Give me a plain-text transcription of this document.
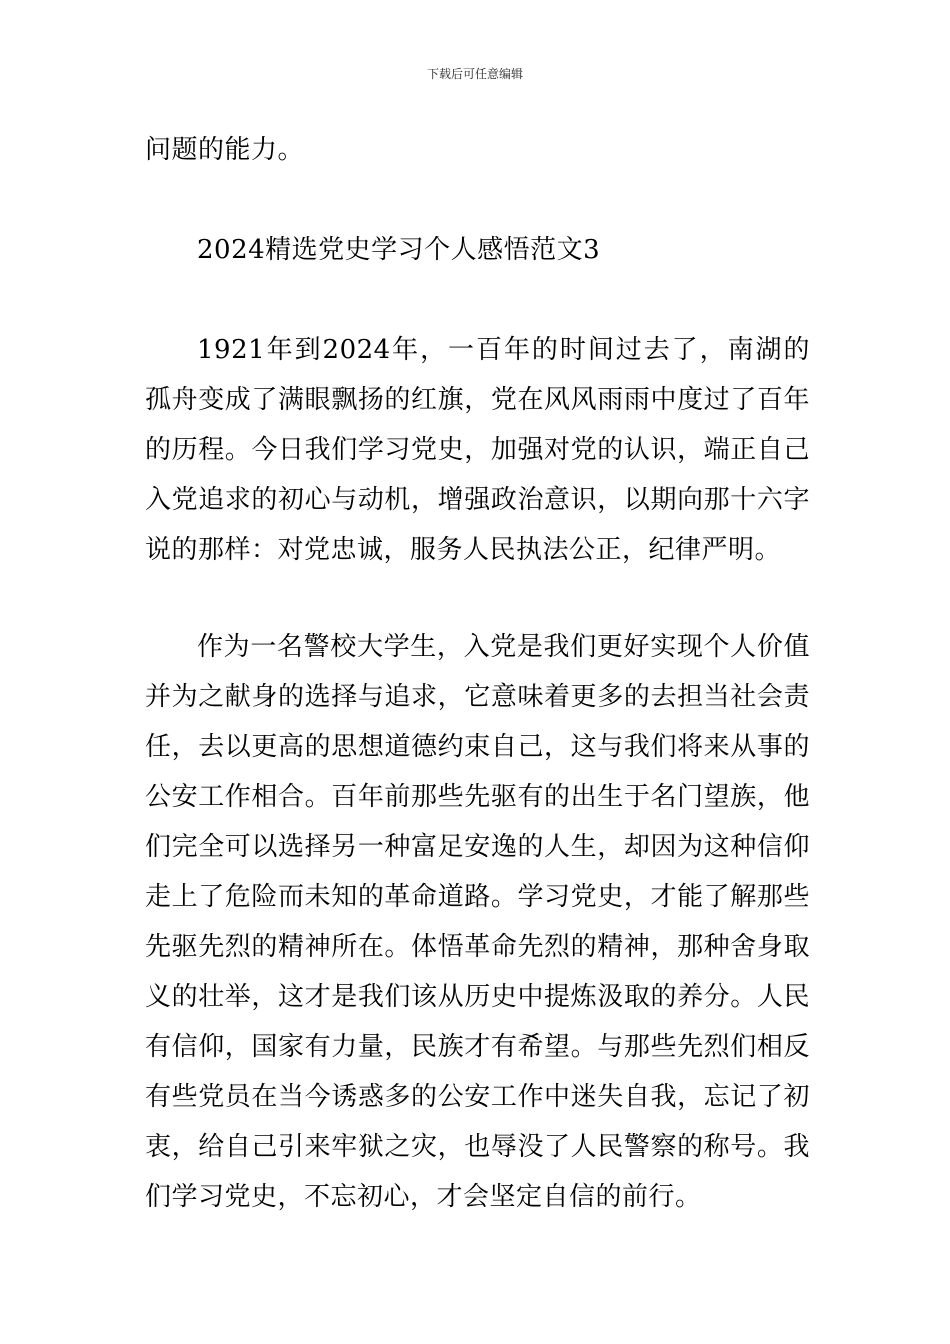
下载后可任意编辑

问题的能力。

2024精选党史学习个人感悟范文3

1921年到2024年，一百年的时间过去了，南湖的孤舟变成了满眼飘扬的红旗，党在风风雨雨中度过了百年的历程。今日我们学习党史，加强对党的认识，端正自己入党追求的初心与动机，增强政治意识，以期向那十六字说的那样：对党忠诚，服务人民执法公正，纪律严明。

作为一名警校大学生，入党是我们更好实现个人价值并为之献身的选择与追求，它意味着更多的去担当社会责任，去以更高的思想道德约束自己，这与我们将来从事的公安工作相合。百年前那些先驱有的出生于名门望族，他们完全可以选择另一种富足安逸的人生，却因为这种信仰走上了危险而未知的革命道路。学习党史，才能了解那些先驱先烈的精神所在。体悟革命先烈的精神，那种舍身取义的壮举，这才是我们该从历史中提炼汲取的养分。人民有信仰，国家有力量，民族才有希望。与那些先烈们相反有些党员在当今诱惑多的公安工作中迷失自我，忘记了初衷，给自己引来牢狱之灾，也辱没了人民警察的称号。我们学习党史，不忘初心，才会坚定自信的前行。
